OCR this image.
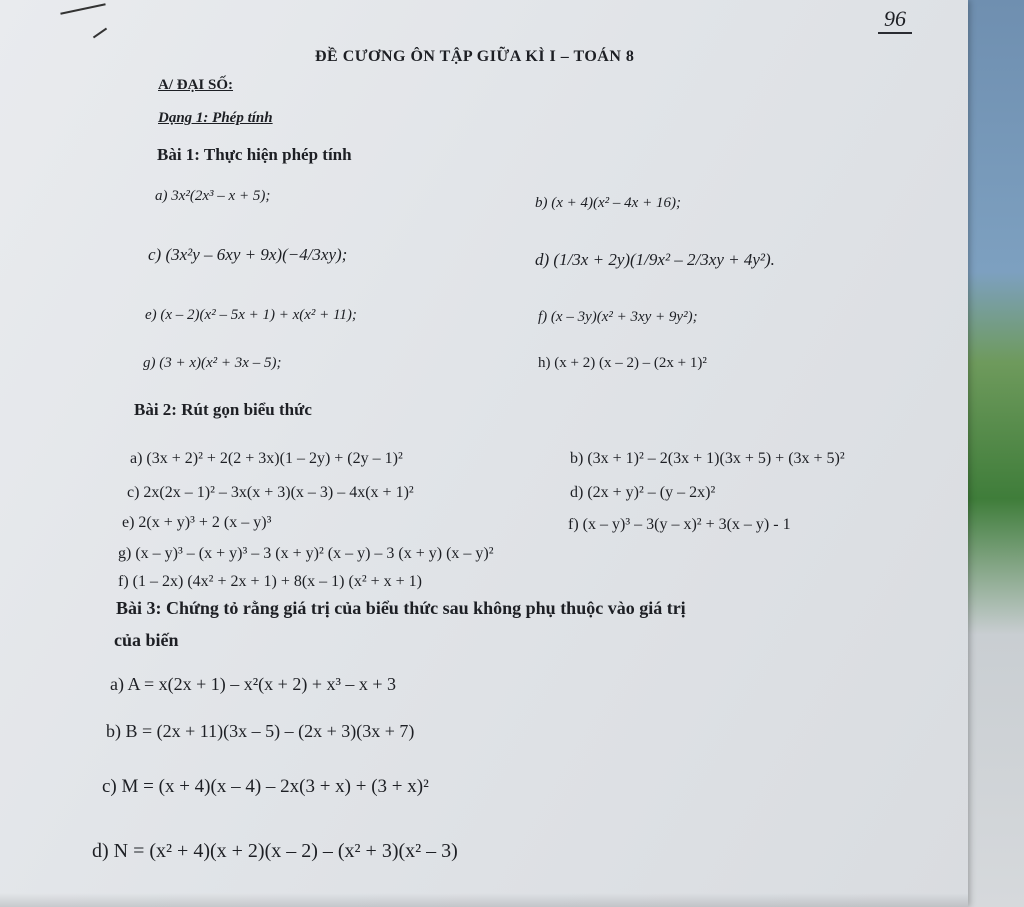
96
ĐỀ CƯƠNG ÔN TẬP GIỮA KÌ I – TOÁN 8
A/ ĐẠI SỐ:
Dạng 1: Phép tính
Bài 1: Thực hiện phép tính
a) 3x²(2x³ – x + 5);	b) (x + 4)(x² – 4x + 16);
c) (3x²y – 6xy + 9x)(−4/3xy);	d) (1/3x + 2y)(1/9x² – 2/3xy + 4y²).
e) (x – 2)(x² – 5x + 1) + x(x² + 11);	f) (x – 3y)(x² + 3xy + 9y²);
g) (3 + x)(x² + 3x – 5);	h) (x + 2) (x – 2) – (2x + 1)²
Bài 2: Rút gọn biểu thức
a) (3x + 2)² + 2(2 + 3x)(1 – 2y) + (2y – 1)²	b) (3x + 1)² – 2(3x + 1)(3x + 5) + (3x + 5)²
c) 2x(2x – 1)² – 3x(x + 3)(x – 3) – 4x(x + 1)²	d) (2x + y)² – (y – 2x)²
e) 2(x + y)³ + 2 (x – y)³	f) (x – y)³ – 3(y – x)² + 3(x – y) - 1
g) (x – y)³ – (x + y)³ – 3 (x + y)² (x – y) – 3 (x + y) (x – y)²
f) (1 – 2x) (4x² + 2x + 1) + 8(x – 1) (x² + x + 1)
Bài 3: Chứng tỏ rằng giá trị của biểu thức sau không phụ thuộc vào giá trị
của biến
a) A = x(2x + 1) – x²(x + 2) + x³ – x + 3
b) B = (2x + 11)(3x – 5) – (2x + 3)(3x + 7)
c) M = (x + 4)(x – 4) – 2x(3 + x) + (3 + x)²
d) N = (x² + 4)(x + 2)(x – 2) – (x² + 3)(x² – 3)
